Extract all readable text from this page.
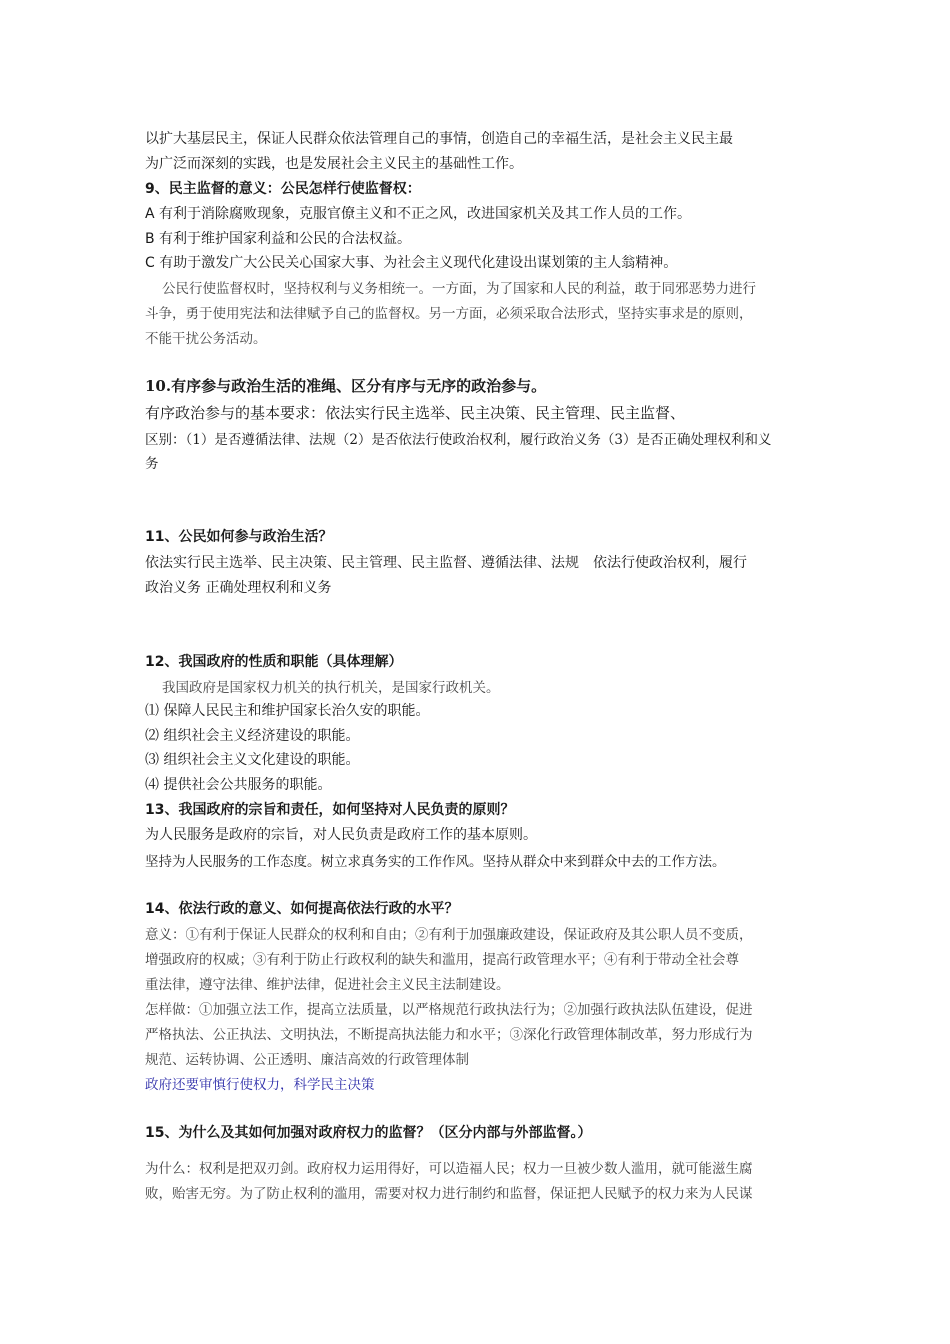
以扩大基层民主，保证人民群众依法管理自己的事情，创造自己的幸福生活，是社会主义民主最
为广泛而深刻的实践，也是发展社会主义民主的基础性工作。
9、民主监督的意义：公民怎样行使监督权：
A 有利于消除腐败现象，克服官僚主义和不正之风，改进国家机关及其工作人员的工作。
B 有利于维护国家利益和公民的合法权益。
C 有助于激发广大公民关心国家大事、为社会主义现代化建设出谋划策的主人翁精神。
公民行使监督权时，坚持权利与义务相统一。一方面，为了国家和人民的利益，敢于同邪恶势力进行
斗争，勇于使用宪法和法律赋予自己的监督权。另一方面，必须采取合法形式，坚持实事求是的原则，
不能干扰公务活动。
10.有序参与政治生活的准绳、区分有序与无序的政治参与。
有序政治参与的基本要求：依法实行民主选举、民主决策、民主管理、民主监督、
区别：（1）是否遵循法律、法规（2）是否依法行使政治权利，履行政治义务（3）是否正确处理权利和义
务
11、公民如何参与政治生活？
依法实行民主选举、民主决策、民主管理、民主监督、遵循法律、法规　依法行使政治权利，履行
政治义务 正确处理权利和义务
12、我国政府的性质和职能（具体理解）
我国政府是国家权力机关的执行机关，是国家行政机关。
⑴ 保障人民民主和维护国家长治久安的职能。
⑵ 组织社会主义经济建设的职能。
⑶ 组织社会主义文化建设的职能。
⑷ 提供社会公共服务的职能。
13、我国政府的宗旨和责任，如何坚持对人民负责的原则？
为人民服务是政府的宗旨，对人民负责是政府工作的基本原则。
坚持为人民服务的工作态度。树立求真务实的工作作风。坚持从群众中来到群众中去的工作方法。
14、依法行政的意义、如何提高依法行政的水平？
意义：①有利于保证人民群众的权利和自由；②有利于加强廉政建设，保证政府及其公职人员不变质，
增强政府的权威；③有利于防止行政权利的缺失和滥用，提高行政管理水平；④有利于带动全社会尊
重法律，遵守法律、维护法律，促进社会主义民主法制建设。
怎样做：①加强立法工作，提高立法质量，以严格规范行政执法行为；②加强行政执法队伍建设，促进
严格执法、公正执法、文明执法，不断提高执法能力和水平；③深化行政管理体制改革，努力形成行为
规范、运转协调、公正透明、廉洁高效的行政管理体制
政府还要审慎行使权力，科学民主决策
15、为什么及其如何加强对政府权力的监督？（区分内部与外部监督。）
为什么：权利是把双刃剑。政府权力运用得好，可以造福人民；权力一旦被少数人滥用，就可能滋生腐
败，贻害无穷。为了防止权利的滥用，需要对权力进行制约和监督，保证把人民赋予的权力来为人民谋
